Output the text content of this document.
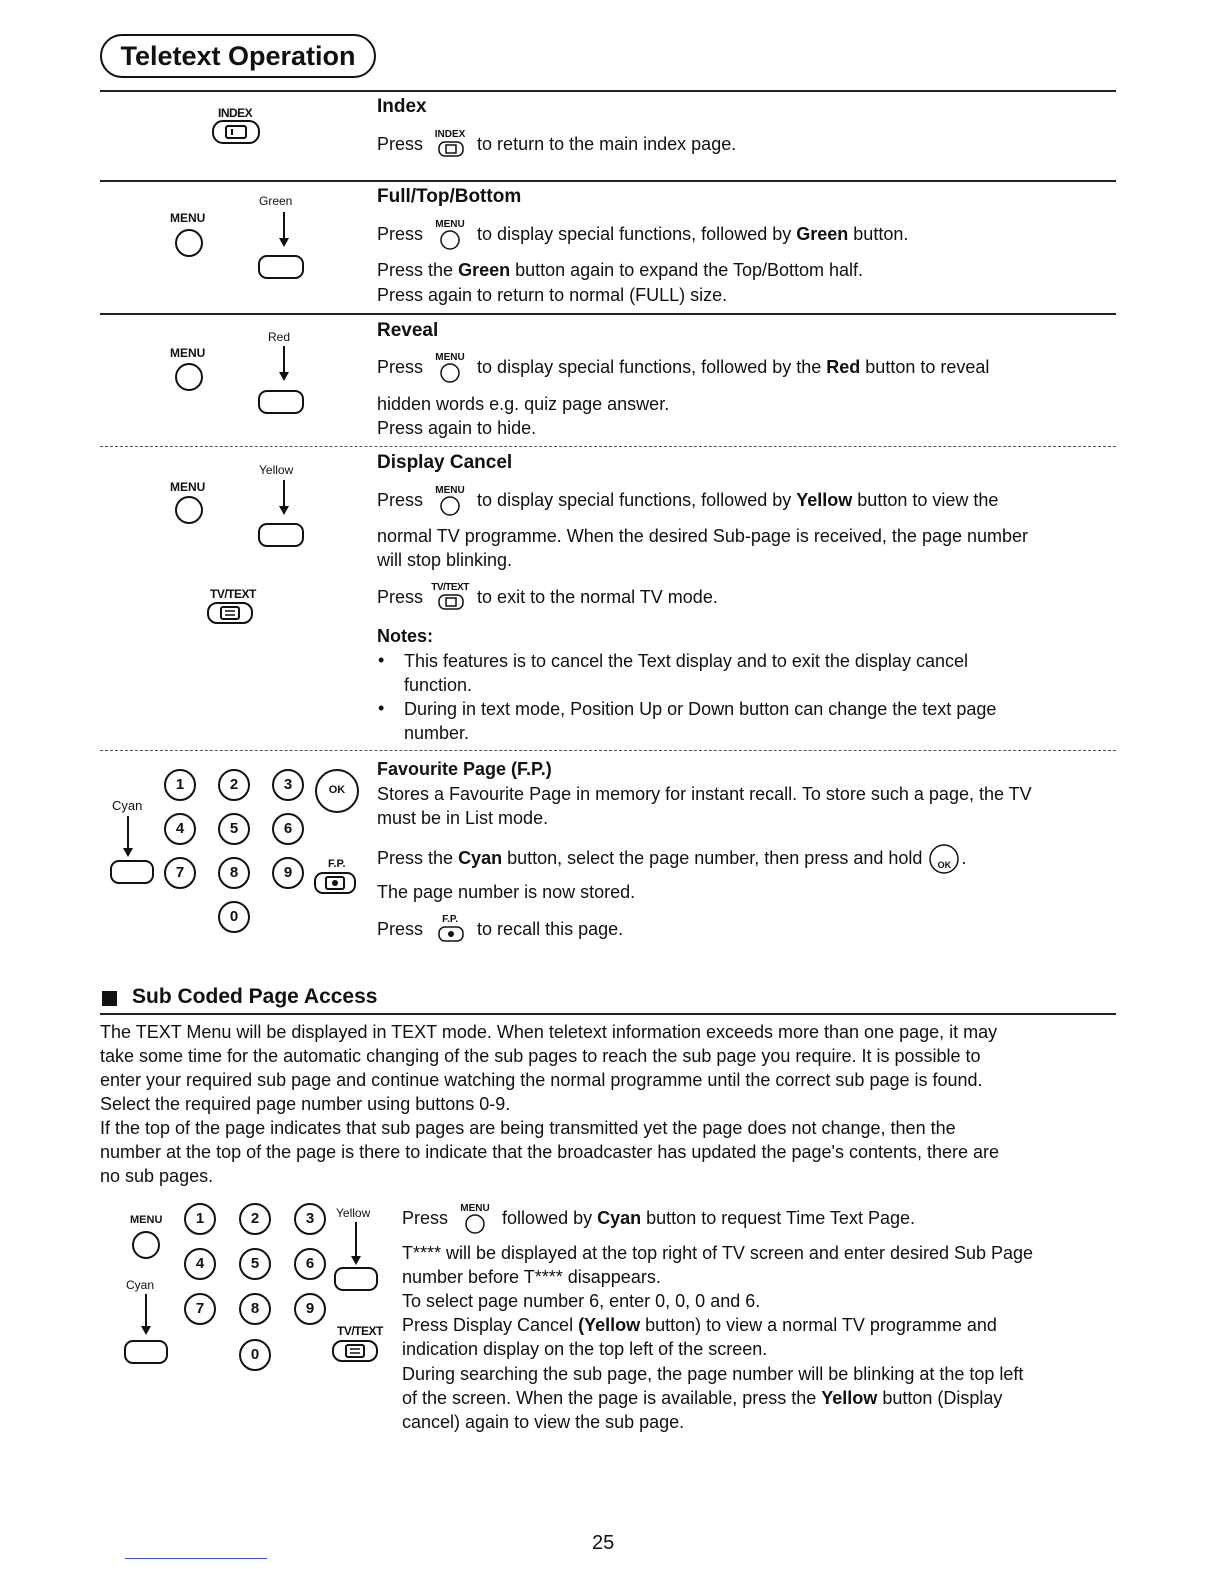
Teletext Operation
INDEX	Index
Press	INDEX to return to the main index page.
MENU
Green	Full/Top/Bottom
Press	MENU to display special functions, followed by Green button.
Press the Green button again to expand the Top/Bottom half.
Press again to return to normal (FULL) size.
MENU
Red	Reveal
Press	MENU to display special functions, followed by the Red button to reveal
hidden words e.g. quiz page answer.
Press again to hide.
MENU
Yellow
TV/TEXT
Display Cancel
Press	MENU to display special functions, followed by Yellow button to view the
normal TV programme. When the desired Sub-page is received, the page number
will stop blinking.
Press TV/TEXT to exit to the normal TV mode.
Notes:
• This features is to cancel the Text display and to exit the display cancel
function.
• During in text mode, Position Up or Down button can change the text page
number.
Cyan
1	2	3
4	5	6
7	8	9
0
OK
F.P.
Favourite Page (F.P.)
Stores a Favourite Page in memory for instant recall. To store such a page, the TV
must be in List mode.
Press the Cyan button, select the page number, then press and hold	OK .
The page number is now stored.
Press	F.P.	to recall this page.
Sub Coded Page Access
The TEXT Menu will be displayed in TEXT mode. When teletext information exceeds more than one page, it may
take some time for the automatic changing of the sub pages to reach the sub page you require. It is possible to
enter your required sub page and continue watching the normal programme until the correct sub page is found.
Select the required page number using buttons 0-9.
If the top of the page indicates that sub pages are being transmitted yet the page does not change, then the
number at the top of the page is there to indicate that the broadcaster has updated the page's contents, there are
no sub pages.
MENU
Cyan
1	2	3
4	5	6
7	8	9
0
Yellow
TV/TEXT
Press	MENU followed by Cyan button to request Time Text Page.
T**** will be displayed at the top right of TV screen and enter desired Sub Page
number before T**** disappears.
To select page number 6, enter 0, 0, 0 and 6.
Press Display Cancel (Yellow button) to view a normal TV programme and
indication display on the top left of the screen.
During searching the sub page, the page number will be blinking at the top left
of the screen. When the page is available, press the Yellow button (Display
cancel) again to view the sub page.
25
